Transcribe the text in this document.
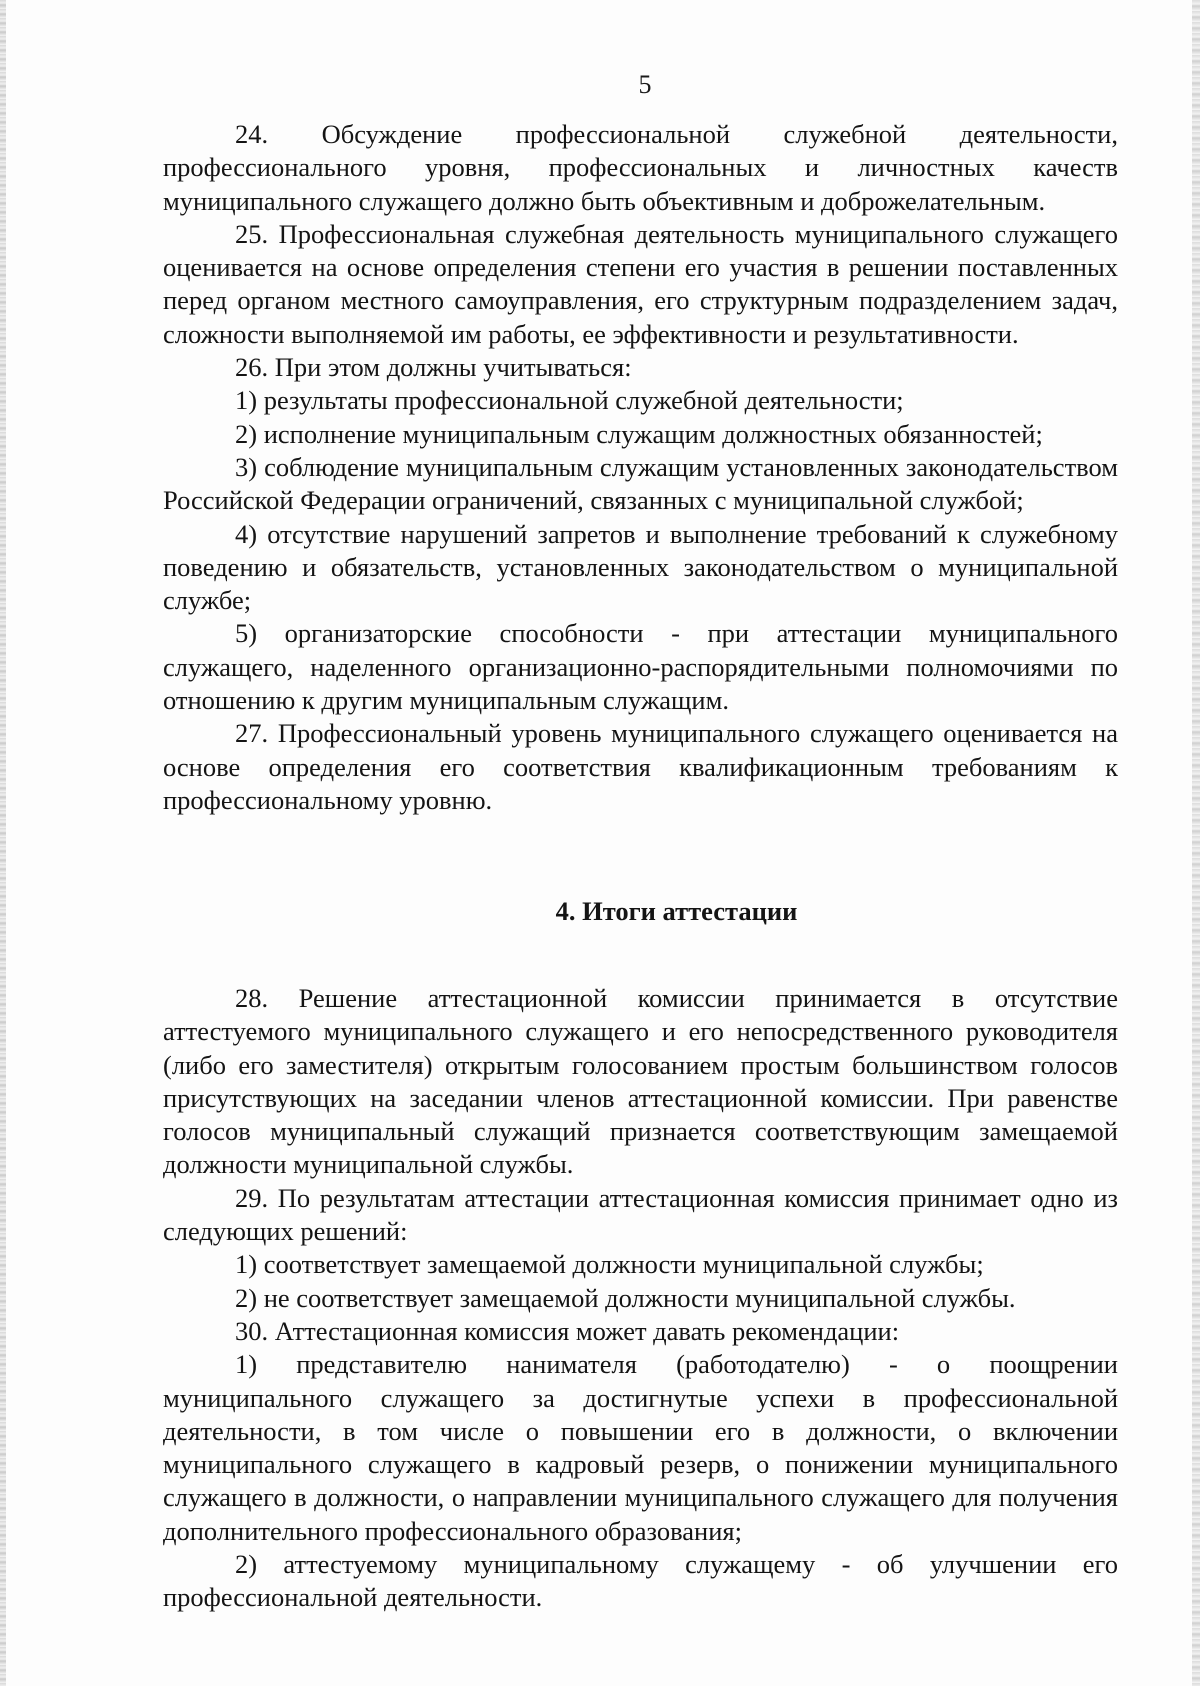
5

24. Обсуждение профессиональной служебной деятельности, профессионального уровня, профессиональных и личностных качеств муниципального служащего должно быть объективным и доброжелательным.

25. Профессиональная служебная деятельность муниципального служащего оценивается на основе определения степени его участия в решении поставленных перед органом местного самоуправления, его структурным подразделением задач, сложности выполняемой им работы, ее эффективности и результативности.

26. При этом должны учитываться:

1) результаты профессиональной служебной деятельности;

2) исполнение муниципальным служащим должностных обязанностей;

3) соблюдение муниципальным служащим установленных законодательством Российской Федерации ограничений, связанных с муниципальной службой;

4) отсутствие нарушений запретов и выполнение требований к служебному поведению и обязательств, установленных законодательством о муниципальной службе;

5) организаторские способности - при аттестации муниципального служащего, наделенного организационно-распорядительными полномочиями по отношению к другим муниципальным служащим.

27. Профессиональный уровень муниципального служащего оценивается на основе определения его соответствия квалификационным требованиям к профессиональному уровню.

4. Итоги аттестации

28. Решение аттестационной комиссии принимается в отсутствие аттестуемого муниципального служащего и его непосредственного руководителя (либо его заместителя) открытым голосованием простым большинством голосов присутствующих на заседании членов аттестационной комиссии. При равенстве голосов муниципальный служащий признается соответствующим замещаемой должности муниципальной службы.

29. По результатам аттестации аттестационная комиссия принимает одно из следующих решений:

1) соответствует замещаемой должности муниципальной службы;

2) не соответствует замещаемой должности муниципальной службы.

30. Аттестационная комиссия может давать рекомендации:

1) представителю нанимателя (работодателю) - о поощрении муниципального служащего за достигнутые успехи в профессиональной деятельности, в том числе о повышении его в должности, о включении муниципального служащего в кадровый резерв, о понижении муниципального служащего в должности, о направлении муниципального служащего для получения дополнительного профессионального образования;

2) аттестуемому муниципальному служащему - об улучшении его профессиональной деятельности.
